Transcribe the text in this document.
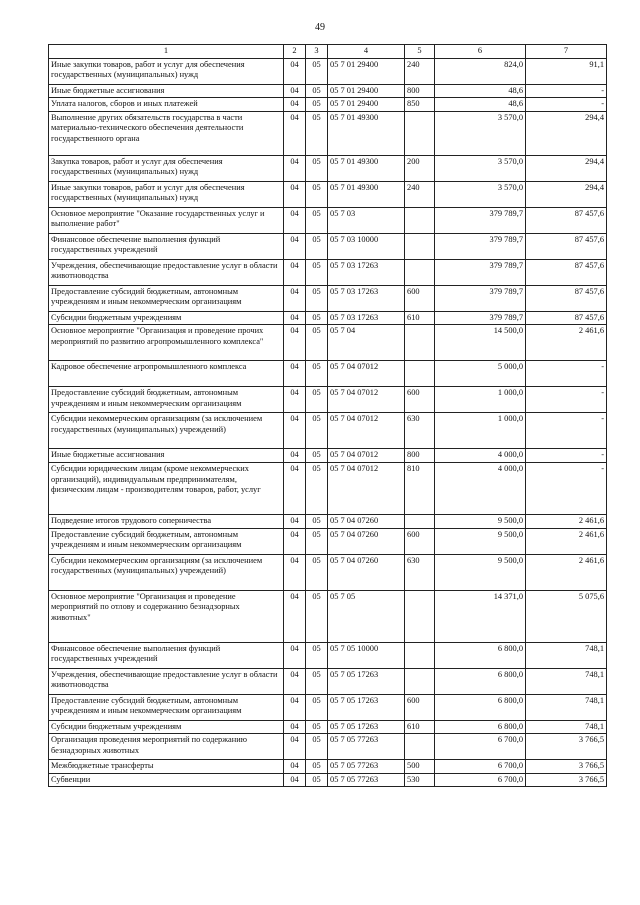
49
1	2	3	4	5	6	7
Иные закупки товаров, работ и услуг для обеспечения государственных (муниципальных) нужд	04	05	05 7 01 29400	240	824,0	91,1
Иные бюджетные ассигнования	04	05	05 7 01 29400	800	48,6	-
Уплата налогов, сборов и иных платежей	04	05	05 7 01 29400	850	48,6	-
Выполнение других обязательств государства в части материально-технического обеспечения деятельности государственного органа	04	05	05 7 01 49300		3 570,0	294,4
Закупка товаров, работ и услуг для обеспечения государственных (муниципальных) нужд	04	05	05 7 01 49300	200	3 570,0	294,4
Иные закупки товаров, работ и услуг для обеспечения государственных (муниципальных) нужд	04	05	05 7 01 49300	240	3 570,0	294,4
Основное мероприятие "Оказание государственных услуг и выполнение работ"	04	05	05 7 03		379 789,7	87 457,6
Финансовое обеспечение выполнения функций государственных учреждений	04	05	05 7 03 10000		379 789,7	87 457,6
Учреждения, обеспечивающие предоставление услуг в области животноводства	04	05	05 7 03 17263		379 789,7	87 457,6
Предоставление субсидий бюджетным, автономным учреждениям и иным некоммерческим организациям	04	05	05 7 03 17263	600	379 789,7	87 457,6
Субсидии бюджетным учреждениям	04	05	05 7 03 17263	610	379 789,7	87 457,6
Основное мероприятие "Организация и проведение прочих мероприятий по развитию агропромышленного комплекса"	04	05	05 7 04		14 500,0	2 461,6
Кадровое обеспечение агропромышленного комплекса	04	05	05 7 04 07012		5 000,0	-
Предоставление субсидий бюджетным, автономным учреждениям и иным некоммерческим организациям	04	05	05 7 04 07012	600	1 000,0	-
Субсидии некоммерческим организациям (за исключением государственных (муниципальных) учреждений)	04	05	05 7 04 07012	630	1 000,0	-
Иные бюджетные ассигнования	04	05	05 7 04 07012	800	4 000,0	-
Субсидии юридическим лицам (кроме некоммерческих организаций), индивидуальным предпринимателям, физическим лицам - производителям товаров, работ, услуг	04	05	05 7 04 07012	810	4 000,0	-
Подведение итогов трудового соперничества	04	05	05 7 04 07260		9 500,0	2 461,6
Предоставление субсидий бюджетным, автономным учреждениям и иным некоммерческим организациям	04	05	05 7 04 07260	600	9 500,0	2 461,6
Субсидии некоммерческим организациям (за исключением государственных (муниципальных) учреждений)	04	05	05 7 04 07260	630	9 500,0	2 461,6
Основное мероприятие "Организация и проведение мероприятий по отлову и содержанию безнадзорных животных"	04	05	05 7 05		14 371,0	5 075,6
Финансовое обеспечение выполнения функций государственных учреждений	04	05	05 7 05 10000		6 800,0	748,1
Учреждения, обеспечивающие предоставление услуг в области животноводства	04	05	05 7 05 17263		6 800,0	748,1
Предоставление субсидий бюджетным, автономным учреждениям и иным некоммерческим организациям	04	05	05 7 05 17263	600	6 800,0	748,1
Субсидии бюджетным учреждениям	04	05	05 7 05 17263	610	6 800,0	748,1
Организация проведения мероприятий по содержанию безнадзорных животных	04	05	05 7 05 77263		6 700,0	3 766,5
Межбюджетные трансферты	04	05	05 7 05 77263	500	6 700,0	3 766,5
Субвенции	04	05	05 7 05 77263	530	6 700,0	3 766,5
